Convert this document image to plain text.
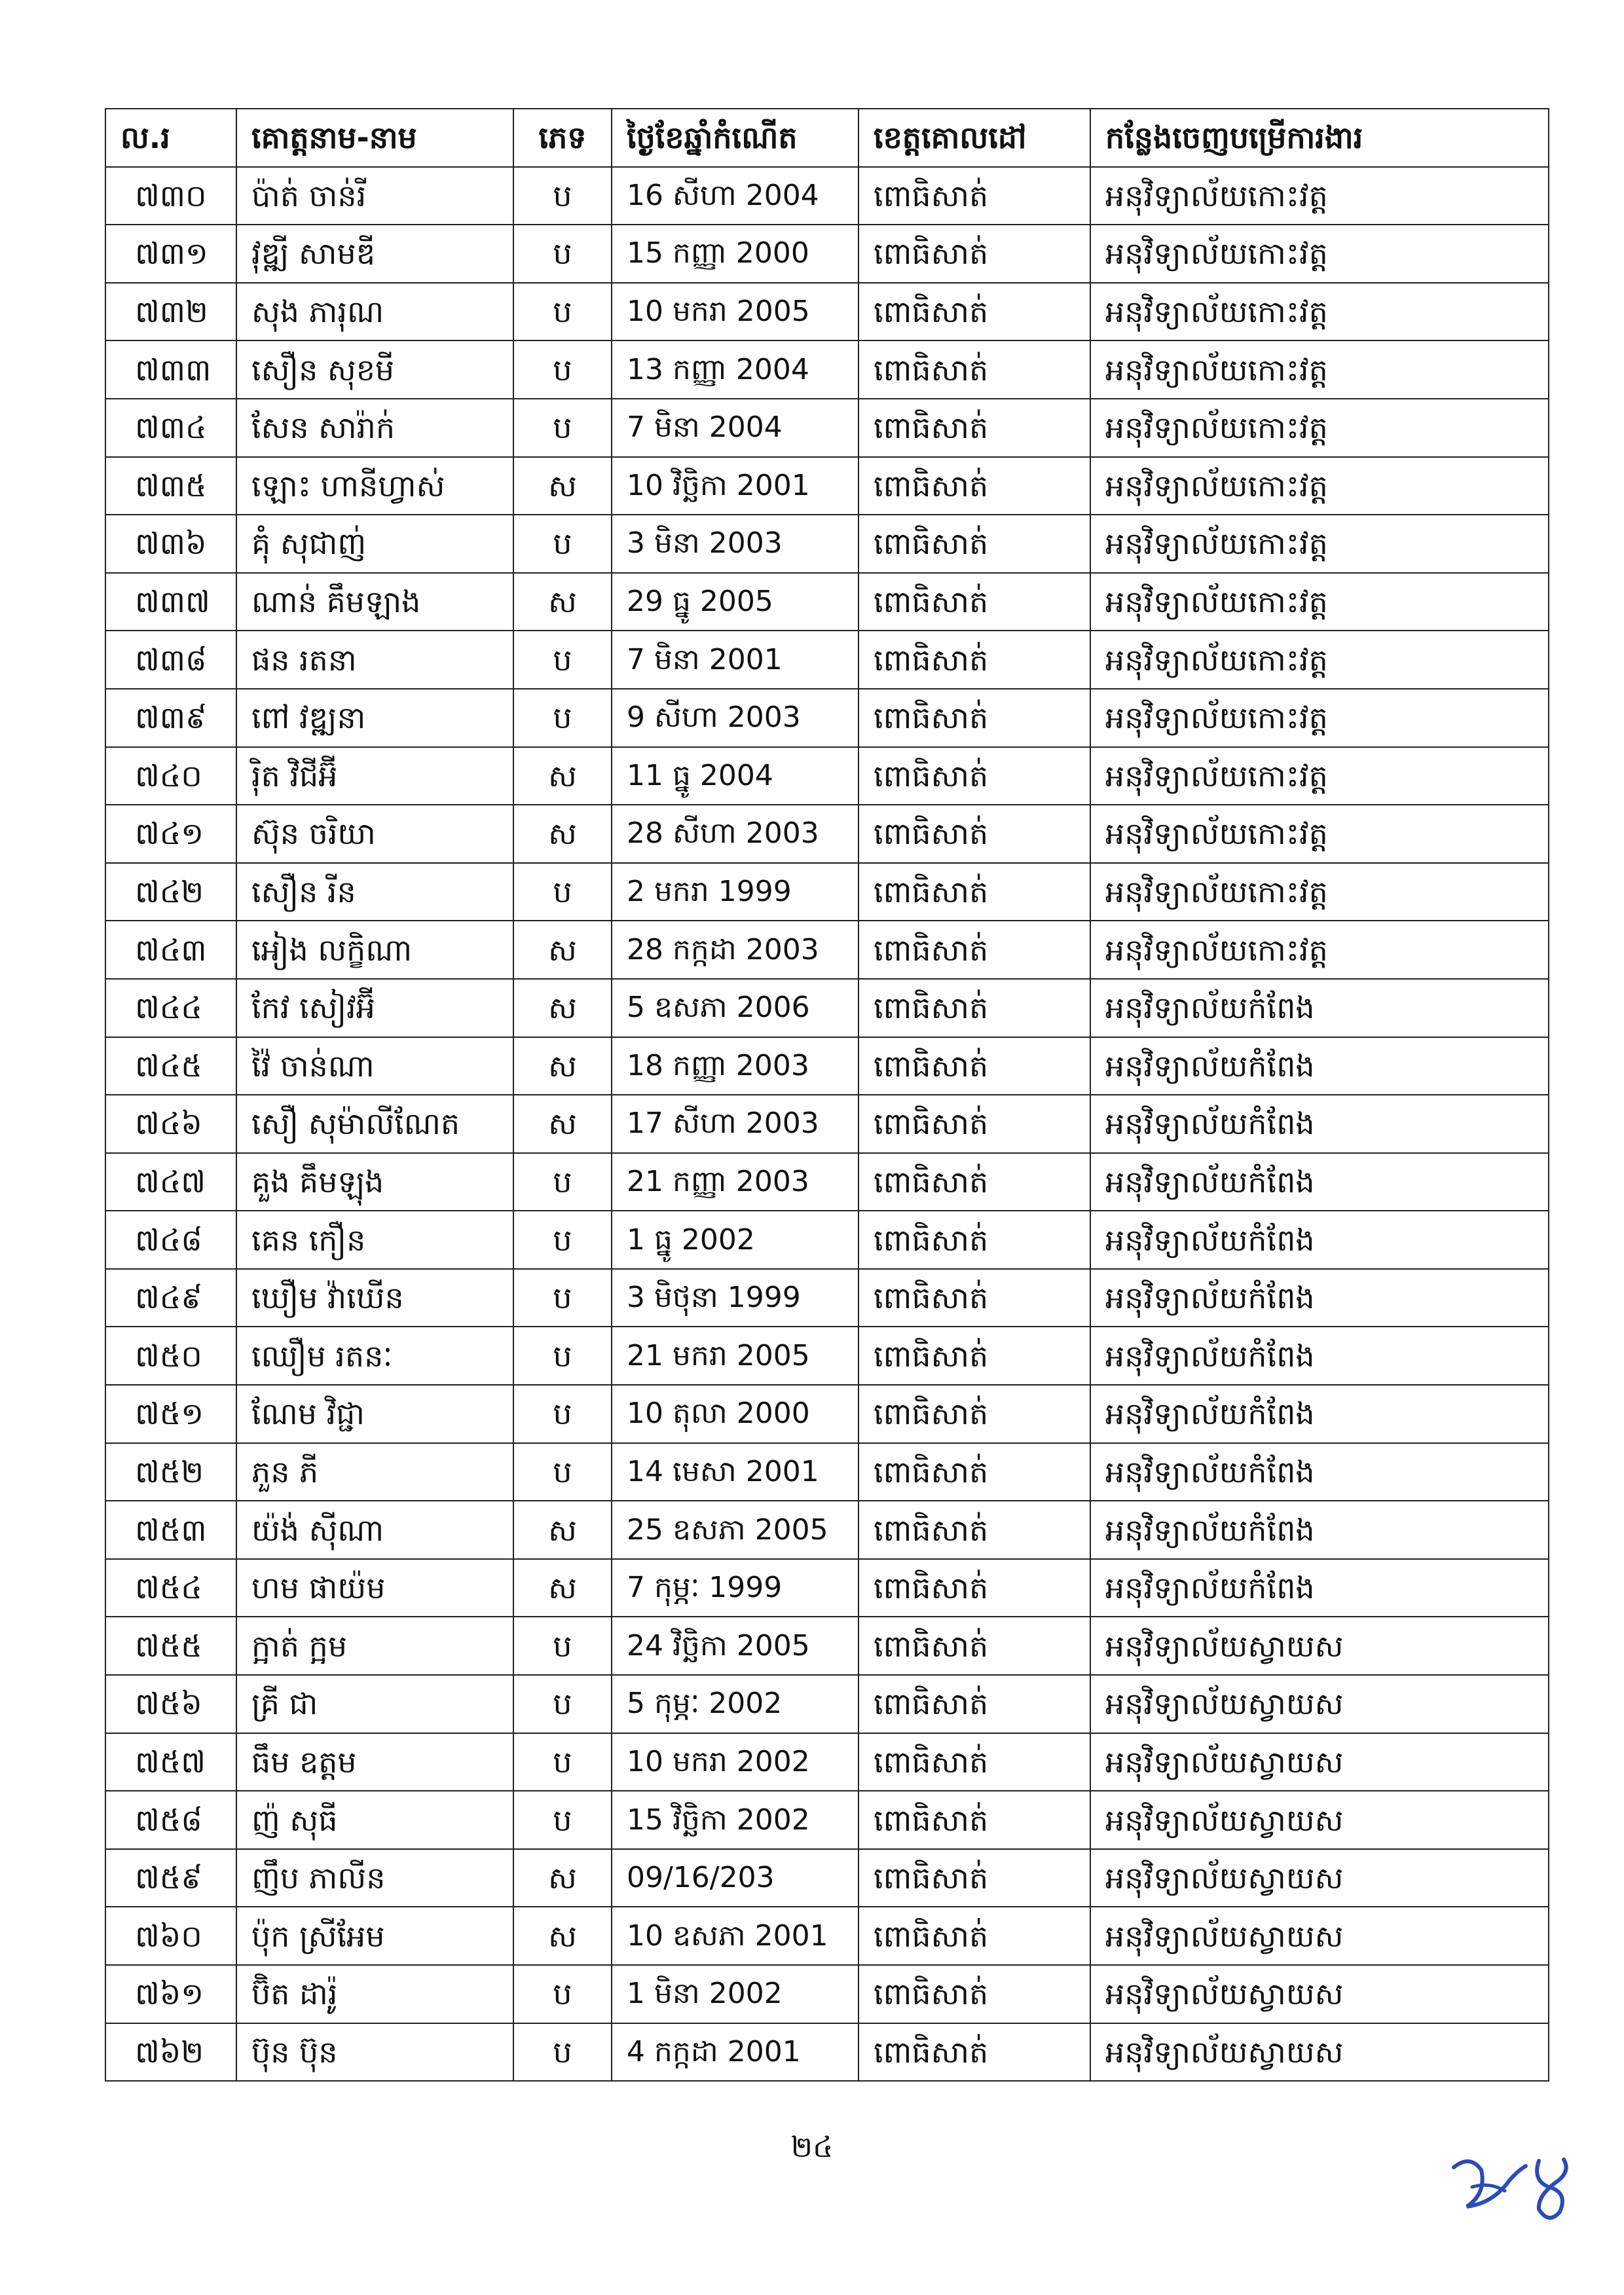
ល.រ	គោត្តនាម-នាម	ភេទ	ថ្ងៃខែឆ្នាំកំណើត	ខេត្តគោលដៅ	កន្លែងចេញបម្រើការងារ
៧៣០	ប៉ាត់ ចាន់រី	ប	16 សីហា 2004	ពោធិសាត់	អនុវិទ្យាល័យកោះវត្ត
៧៣១	វុឌ្ឍី សាមឌី	ប	15 កញ្ញា 2000	ពោធិសាត់	អនុវិទ្យាល័យកោះវត្ត
៧៣២	សុង ភារុណ	ប	10 មករា 2005	ពោធិសាត់	អនុវិទ្យាល័យកោះវត្ត
៧៣៣	សឿន សុខមី	ប	13 កញ្ញា 2004	ពោធិសាត់	អនុវិទ្យាល័យកោះវត្ត
៧៣៤	សែន សារ៉ាក់	ប	7 មិនា 2004	ពោធិសាត់	អនុវិទ្យាល័យកោះវត្ត
៧៣៥	ឡោះ ហានីហ្វាស់	ស	10 វិច្ឆិកា 2001	ពោធិសាត់	អនុវិទ្យាល័យកោះវត្ត
៧៣៦	គុំ សុជាញ់	ប	3 មិនា 2003	ពោធិសាត់	អនុវិទ្យាល័យកោះវត្ត
៧៣៧	ណាន់ គឹមឡាង	ស	29 ធ្នូ 2005	ពោធិសាត់	អនុវិទ្យាល័យកោះវត្ត
៧៣៨	ផន រតនា	ប	7 មិនា 2001	ពោធិសាត់	អនុវិទ្យាល័យកោះវត្ត
៧៣៩	ពៅ វឌ្ឍនា	ប	9 សីហា 2003	ពោធិសាត់	អនុវិទ្យាល័យកោះវត្ត
៧៤០	រ៉ិត វិជីអ៊ី	ស	11 ធ្នូ 2004	ពោធិសាត់	អនុវិទ្យាល័យកោះវត្ត
៧៤១	ស៊ុន ចរិយា	ស	28 សីហា 2003	ពោធិសាត់	អនុវិទ្យាល័យកោះវត្ត
៧៤២	សឿន រីន	ប	2 មករា 1999	ពោធិសាត់	អនុវិទ្យាល័យកោះវត្ត
៧៤៣	អៀង លក្ខិណា	ស	28 កក្កដា 2003	ពោធិសាត់	អនុវិទ្យាល័យកោះវត្ត
៧៤៤	កែវ សៀវអ៊ី	ស	5 ឧសភា 2006	ពោធិសាត់	អនុវិទ្យាល័យកំពែង
៧៤៥	វ៉ៃ ចាន់ណា	ស	18 កញ្ញា 2003	ពោធិសាត់	អនុវិទ្យាល័យកំពែង
៧៤៦	សឿ សុម៉ាលីណែត	ស	17 សីហា 2003	ពោធិសាត់	អនុវិទ្យាល័យកំពែង
៧៤៧	គួង គឹមឡុង	ប	21 កញ្ញា 2003	ពោធិសាត់	អនុវិទ្យាល័យកំពែង
៧៤៨	គេន កឿន	ប	1 ធ្នូ 2002	ពោធិសាត់	អនុវិទ្យាល័យកំពែង
៧៤៩	ឃឿម វ៉ាឃើន	ប	3 មិថុនា 1999	ពោធិសាត់	អនុវិទ្យាល័យកំពែង
៧៥០	ឈឿម រតនៈ	ប	21 មករា 2005	ពោធិសាត់	អនុវិទ្យាល័យកំពែង
៧៥១	ណែម វិជ្ជា	ប	10 តុលា 2000	ពោធិសាត់	អនុវិទ្យាល័យកំពែង
៧៥២	ភួន ភី	ប	14 មេសា 2001	ពោធិសាត់	អនុវិទ្យាល័យកំពែង
៧៥៣	យ៉ង់ ស៊ីណា	ស	25 ឧសភា 2005	ពោធិសាត់	អនុវិទ្យាល័យកំពែង
៧៥៤	ហម ផាយ៉ម	ស	7 កុម្ភៈ 1999	ពោធិសាត់	អនុវិទ្យាល័យកំពែង
៧៥៥	ក្អាត់ ក្អម	ប	24 វិច្ឆិកា 2005	ពោធិសាត់	អនុវិទ្យាល័យស្វាយស
៧៥៦	គ្រី ជា	ប	5 កុម្ភៈ 2002	ពោធិសាត់	អនុវិទ្យាល័យស្វាយស
៧៥៧	ធឹម ឧត្តម	ប	10 មករា 2002	ពោធិសាត់	អនុវិទ្យាល័យស្វាយស
៧៥៨	ញ៉ សុធី	ប	15 វិច្ឆិកា 2002	ពោធិសាត់	អនុវិទ្យាល័យស្វាយស
៧៥៩	ញឹប ភាលីន	ស	09/16/203	ពោធិសាត់	អនុវិទ្យាល័យស្វាយស
៧៦០	ប៉ុក ស្រីអែម	ស	10 ឧសភា 2001	ពោធិសាត់	អនុវិទ្យាល័យស្វាយស
៧៦១	ប៊ិត ដារ៉ូ	ប	1 មិនា 2002	ពោធិសាត់	អនុវិទ្យាល័យស្វាយស
៧៦២	ប៊ុន ប៊ុន	ប	4 កក្កដា 2001	ពោធិសាត់	អនុវិទ្យាល័យស្វាយស
២៤
